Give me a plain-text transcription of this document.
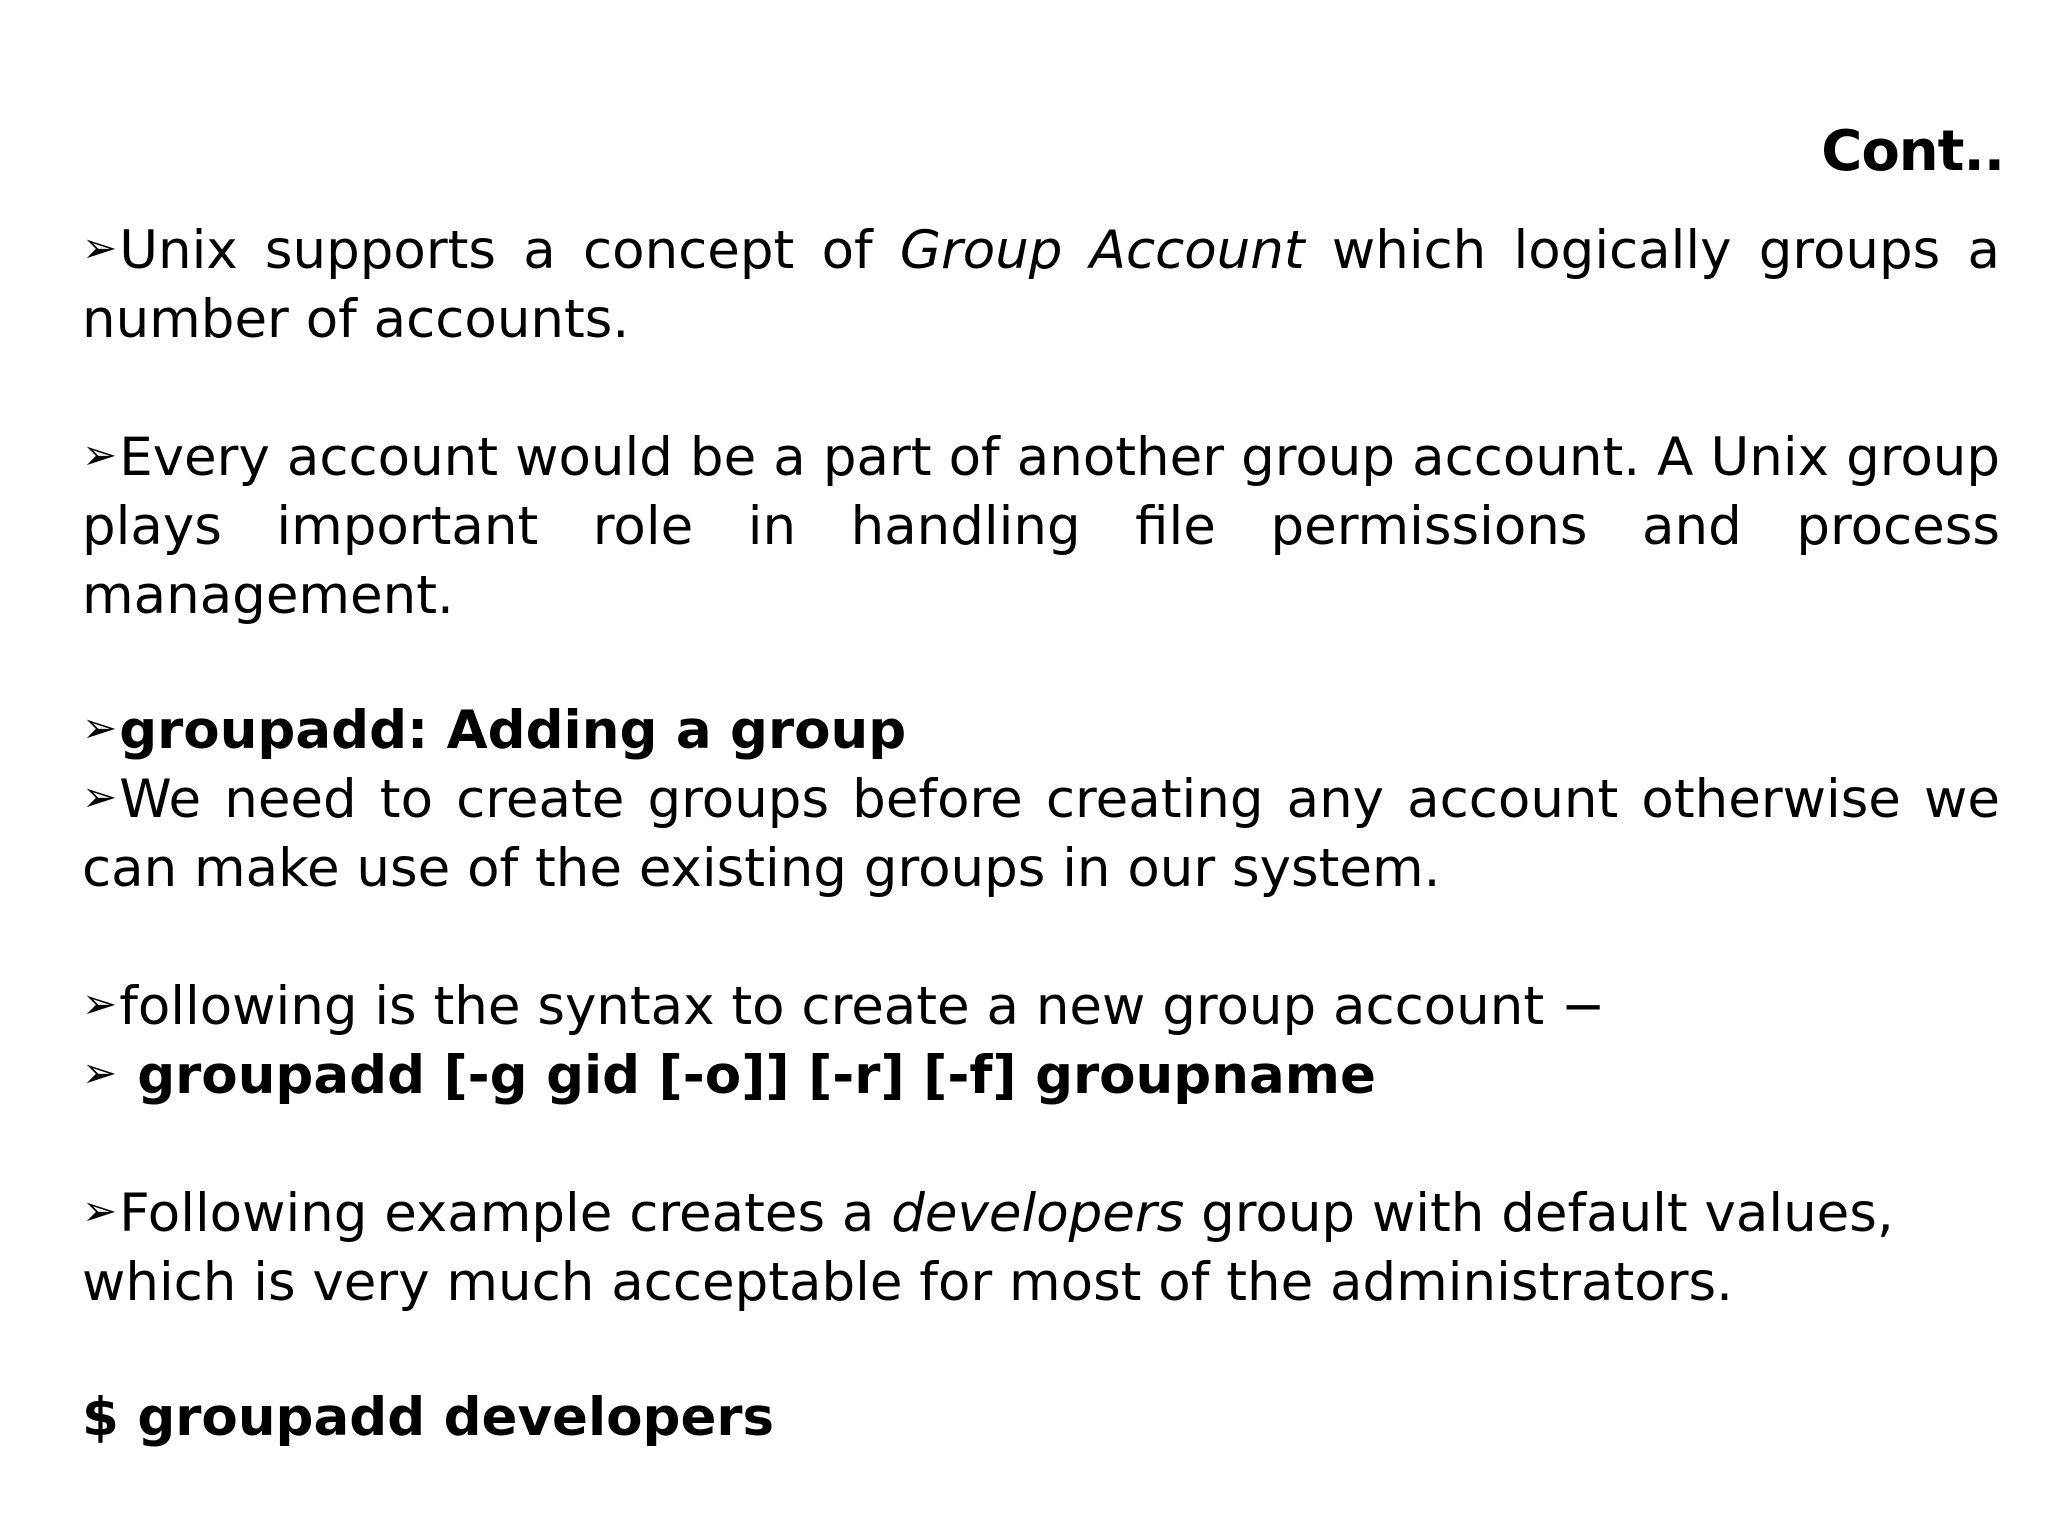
Cont..

➢Unix supports a concept of Group Account which logically groups a number of accounts.

➢Every account would be a part of another group account. A Unix group plays important role in handling file permissions and process management.

➢groupadd: Adding a group

➢We need to create groups before creating any account otherwise we can make use of the existing groups in our system.

➢following is the syntax to create a new group account −

➢ groupadd [-g gid [-o]] [-r] [-f] groupname

➢Following example creates a developers group with default values, which is very much acceptable for most of the administrators.

$ groupadd developers
